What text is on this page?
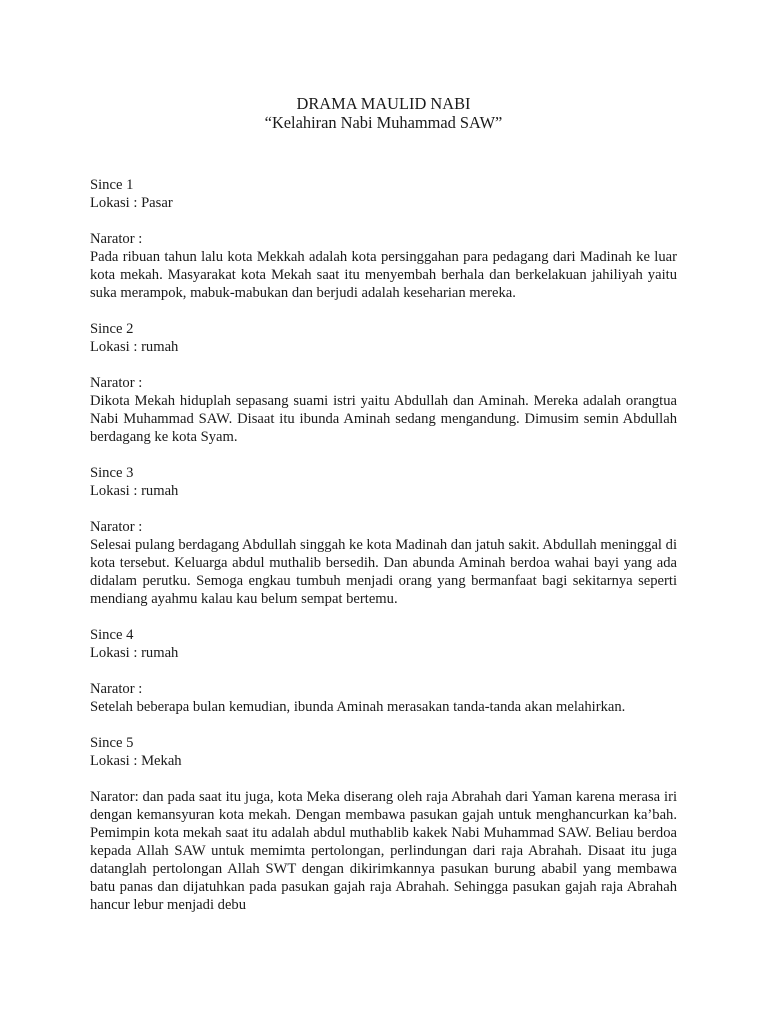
DRAMA MAULID NABI
“Kelahiran Nabi Muhammad SAW”
Since 1
Lokasi : Pasar
Narator :

Pada ribuan tahun lalu kota Mekkah adalah kota persinggahan para pedagang dari Madinah ke luar kota mekah. Masyarakat kota Mekah saat itu menyembah berhala dan berkelakuan jahiliyah yaitu suka merampok, mabuk-mabukan dan berjudi adalah keseharian mereka.

Since 2
Lokasi : rumah
Narator :

Dikota Mekah hiduplah sepasang suami istri yaitu Abdullah dan Aminah. Mereka adalah orangtua Nabi Muhammad SAW. Disaat itu ibunda Aminah sedang mengandung. Dimusim semin Abdullah berdagang ke kota Syam.

Since 3
Lokasi : rumah
Narator :

Selesai pulang berdagang Abdullah singgah ke kota Madinah dan jatuh sakit. Abdullah meninggal di kota tersebut. Keluarga abdul muthalib bersedih. Dan abunda Aminah berdoa wahai bayi yang ada didalam perutku. Semoga engkau tumbuh menjadi orang yang bermanfaat bagi sekitarnya seperti mendiang ayahmu kalau kau belum sempat bertemu.

Since 4
Lokasi : rumah
Narator :

Setelah beberapa bulan kemudian, ibunda Aminah merasakan tanda-tanda akan melahirkan.

Since 5
Lokasi : Mekah

Narator: dan pada saat itu juga, kota Meka diserang oleh raja Abrahah dari Yaman karena merasa iri dengan kemansyuran kota mekah. Dengan membawa pasukan gajah untuk menghancurkan ka’bah. Pemimpin kota mekah saat itu adalah abdul muthablib kakek Nabi Muhammad SAW. Beliau berdoa kepada Allah SAW untuk memimta pertolongan, perlindungan dari raja Abrahah. Disaat itu juga datanglah pertolongan Allah SWT dengan dikirimkannya pasukan burung ababil yang membawa batu panas dan dijatuhkan pada pasukan gajah raja Abrahah. Sehingga pasukan gajah raja Abrahah hancur lebur menjadi debu
